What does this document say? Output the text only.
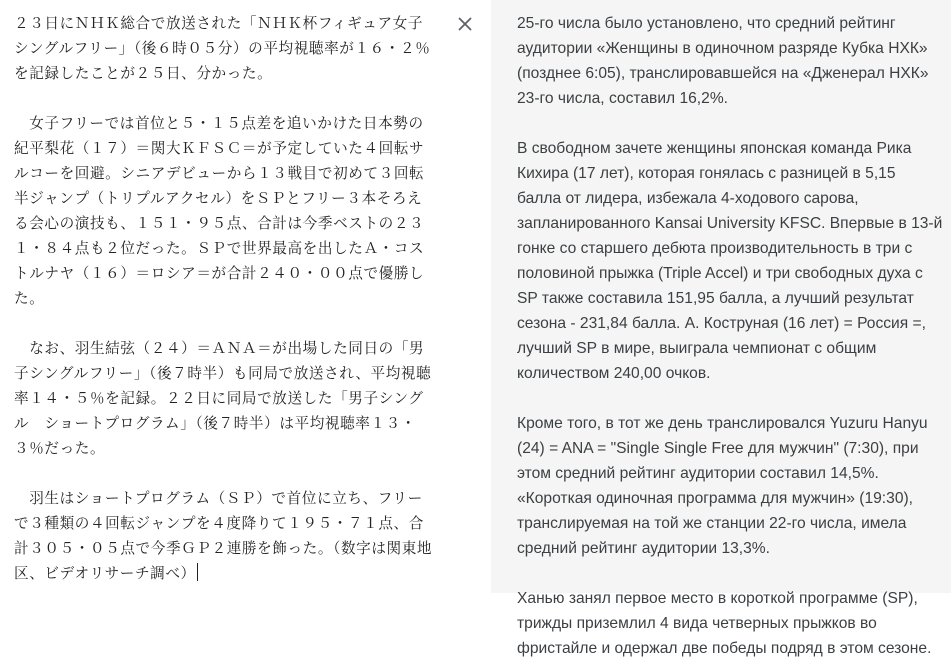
２３日にＮＨＫ総合で放送された「ＮＨＫ杯フィギュア女子シングルフリー」（後６時０５分）の平均視聴率が１６・２％を記録したことが２５日、分かった。

　女子フリーでは首位と５・１５点差を追いかけた日本勢の紀平梨花（１７）＝関大ＫＦＳＣ＝が予定していた４回転サルコーを回避。シニアデビューから１３戦目で初めて３回転半ジャンプ（トリプルアクセル）をＳＰとフリー３本そろえる会心の演技も、１５１・９５点、合計は今季ベストの２３１・８４点も２位だった。ＳＰで世界最高を出したＡ・コストルナヤ（１６）＝ロシア＝が合計２４０・００点で優勝した。

　なお、羽生結弦（２４）＝ＡＮＡ＝が出場した同日の「男子シングルフリー」（後７時半）も同局で放送され、平均視聴率１４・５％を記録。２２日に同局で放送した「男子シングル　ショートプログラム」（後７時半）は平均視聴率１３・３％だった。

　羽生はショートプログラム（ＳＰ）で首位に立ち、フリーで３種類の４回転ジャンプを４度降りて１９５・７１点、合計３０５・０５点で今季ＧＰ２連勝を飾った。（数字は関東地区、ビデオリサーチ調べ）
25-го числа было установлено, что средний рейтинг аудитории «Женщины в одиночном разряде Кубка НХК» (позднее 6:05), транслировавшейся на «Дженерал НХК» 23-го числа, составил 16,2%.

В свободном зачете женщины японская команда Рика Кихира (17 лет), которая гонялась с разницей в 5,15 балла от лидера, избежала 4-ходового сарова, запланированного Kansai University KFSC. Впервые в 13-й гонке со старшего дебюта производительность в три с половиной прыжка (Triple Accel) и три свободных духа с SP также составила 151,95 балла, а лучший результат сезона - 231,84 балла. А. Коструная (16 лет) = Россия =, лучший SP в мире, выиграла чемпионат с общим количеством 240,00 очков.

Кроме того, в тот же день транслировался Yuzuru Hanyu (24) = ANA = "Single Single Free для мужчин" (7:30), при этом средний рейтинг аудитории составил 14,5%. «Короткая одиночная программа для мужчин» (19:30), транслируемая на той же станции 22-го числа, имела средний рейтинг аудитории 13,3%.

Ханью занял первое место в короткой программе (SP), трижды приземлил 4 вида четверных прыжков во фристайле и одержал две победы подряд в этом сезоне.
